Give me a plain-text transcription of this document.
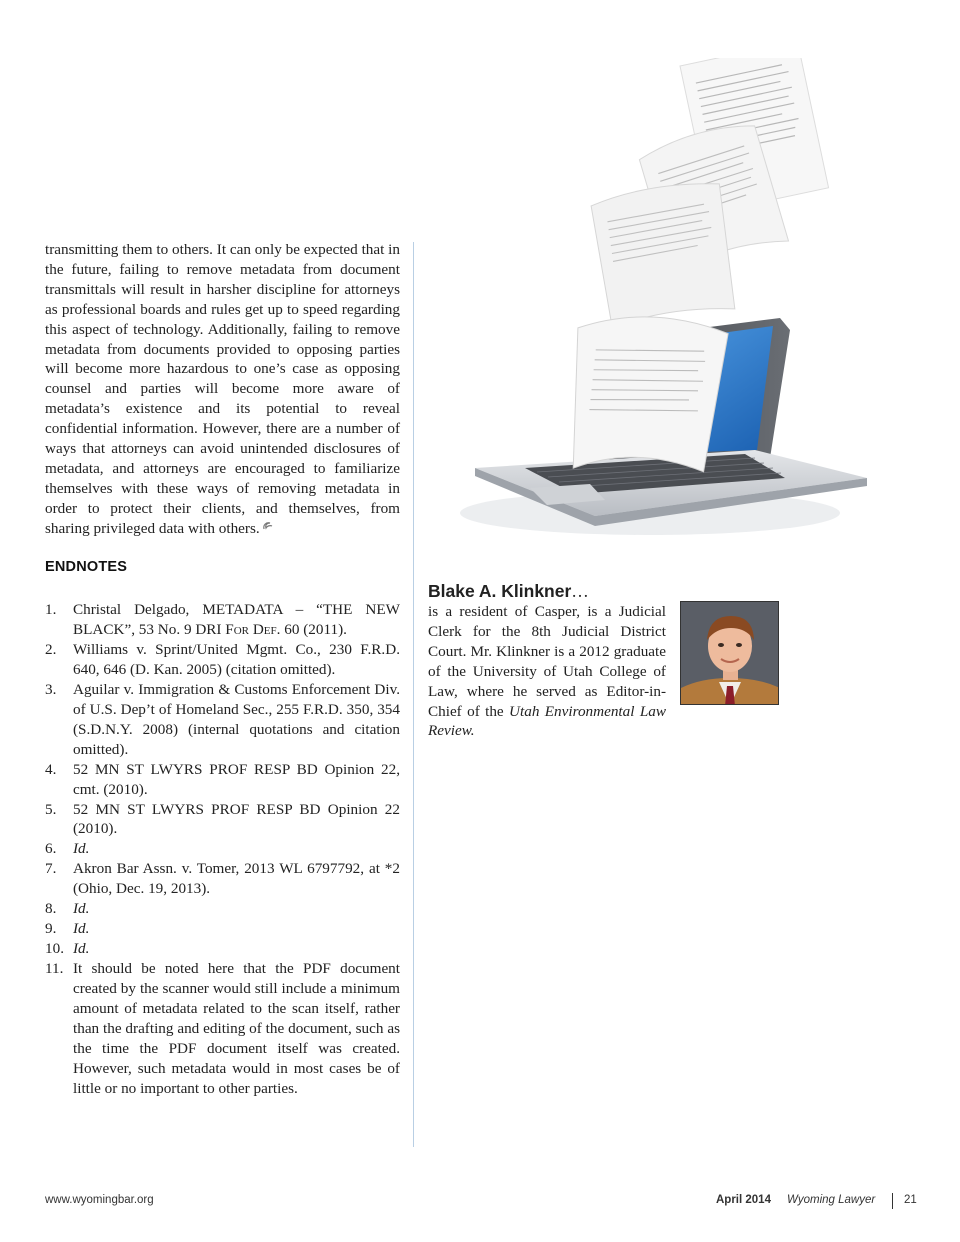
transmitting them to others. It can only be expected that in the future, failing to remove metadata from document transmittals will result in harsher discipline for attorneys as professional boards and rules get up to speed regarding this aspect of technology. Additionally, failing to remove metadata from documents provided to opposing parties will become more hazardous to one’s case as opposing counsel and parties will become more aware of metadata’s existence and its potential to reveal confidential information. However, there are a number of ways that attorneys can avoid unintended disclosures of metadata, and attorneys are encouraged to familiarize themselves with these ways of removing metadata in order to protect their clients, and themselves, from sharing privileged data with others.

ENDNOTES
1. Christal Delgado, METADATA – “THE NEW BLACK”, 53 No. 9 DRI For Def. 60 (2011).
2. Williams v. Sprint/United Mgmt. Co., 230 F.R.D. 640, 646 (D. Kan. 2005) (citation omitted).
3. Aguilar v. Immigration & Customs Enforcement Div. of U.S. Dep’t of Homeland Sec., 255 F.R.D. 350, 354 (S.D.N.Y. 2008) (internal quotations and citation omitted).
4. 52 MN ST LWYRS PROF RESP BD Opinion 22, cmt. (2010).
5. 52 MN ST LWYRS PROF RESP BD Opinion 22 (2010).
6. Id.
7. Akron Bar Assn. v. Tomer, 2013 WL 6797792, at *2 (Ohio, Dec. 19, 2013).
8. Id.
9. Id.
10. Id.
11. It should be noted here that the PDF document created by the scanner would still include a minimum amount of metadata related to the scan itself, rather than the drafting and editing of the document, such as the time the PDF document itself was created. However, such metadata would in most cases be of little or no important to other parties.
Blake A. Klinkner…

is a resident of Casper, is a Judicial Clerk for the 8th Judicial District Court. Mr. Klinkner is a 2012 graduate of the University of Utah College of Law, where he served as Editor-in-Chief of the Utah Environmental Law Review.

www.wyomingbar.org	April 2014 Wyoming Lawyer	21
